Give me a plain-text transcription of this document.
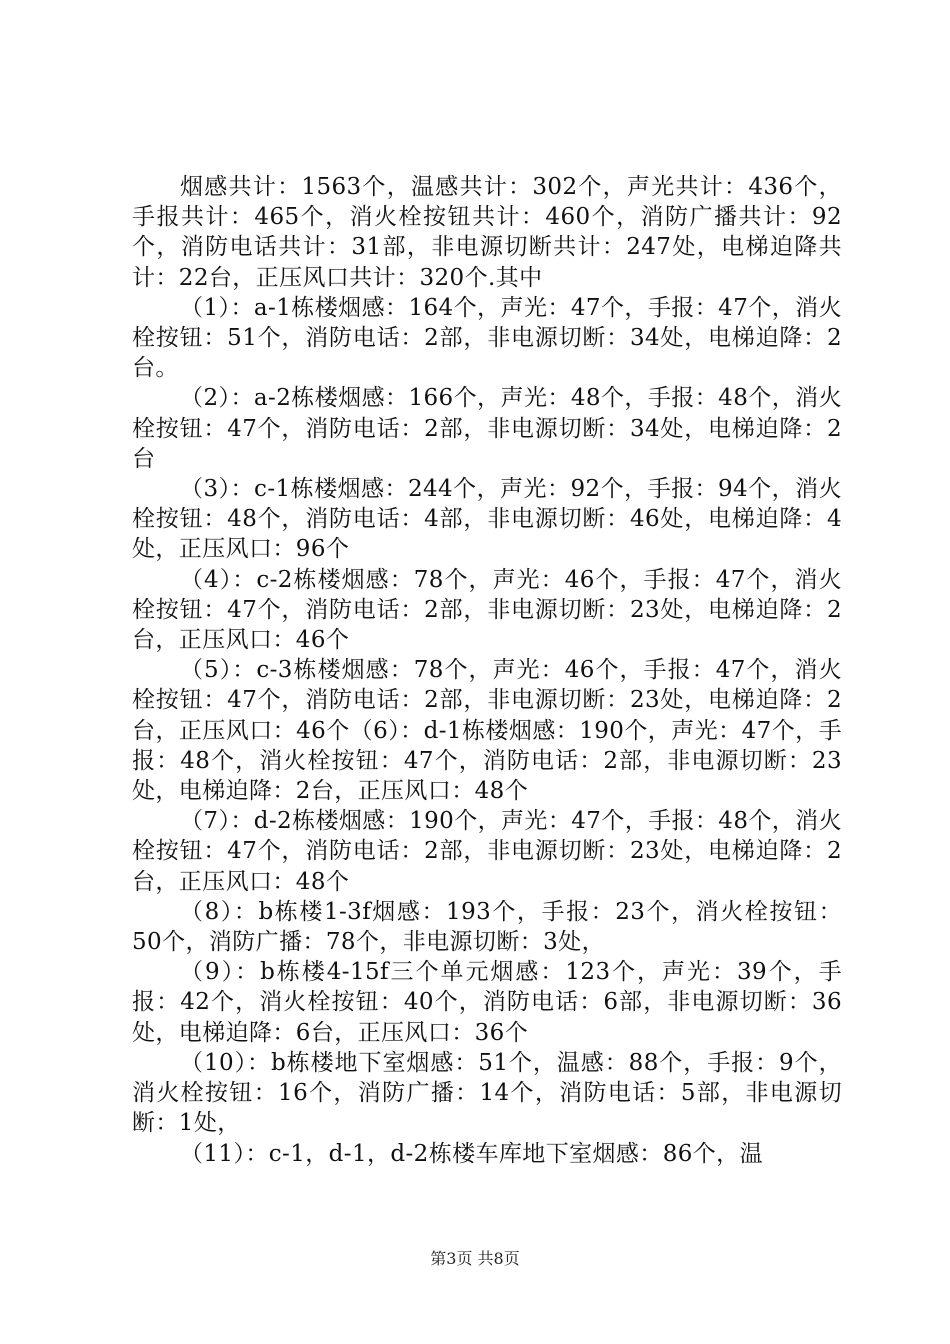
烟感共计：1563个，温感共计：302个，声光共计：436个，手报共计：465个，消火栓按钮共计：460个，消防广播共计：92个，消防电话共计：31部，非电源切断共计：247处，电梯迫降共计：22台，正压风口共计：320个.其中

（1）：a-1栋楼烟感：164个，声光：47个，手报：47个，消火栓按钮：51个，消防电话：2部，非电源切断：34处，电梯迫降：2台。

（2）：a-2栋楼烟感：166个，声光：48个，手报：48个，消火栓按钮：47个，消防电话：2部，非电源切断：34处，电梯迫降：2台

（3）：c-1栋楼烟感：244个，声光：92个，手报：94个，消火栓按钮：48个，消防电话：4部，非电源切断：46处，电梯迫降：4处，正压风口：96个

（4）：c-2栋楼烟感：78个，声光：46个，手报：47个，消火栓按钮：47个，消防电话：2部，非电源切断：23处，电梯迫降：2台，正压风口：46个

（5）：c-3栋楼烟感：78个，声光：46个，手报：47个，消火栓按钮：47个，消防电话：2部，非电源切断：23处，电梯迫降：2台，正压风口：46个（6）：d-1栋楼烟感：190个，声光：47个，手报：48个，消火栓按钮：47个，消防电话：2部，非电源切断：23处，电梯迫降：2台，正压风口：48个

（7）：d-2栋楼烟感：190个，声光：47个，手报：48个，消火栓按钮：47个，消防电话：2部，非电源切断：23处，电梯迫降：2台，正压风口：48个

（8）：b栋楼1-3f烟感：193个，手报：23个，消火栓按钮：50个，消防广播：78个，非电源切断：3处，

（9）：b栋楼4-15f三个单元烟感：123个，声光：39个，手报：42个，消火栓按钮：40个，消防电话：6部，非电源切断：36处，电梯迫降：6台，正压风口：36个

（10）：b栋楼地下室烟感：51个，温感：88个，手报：9个，消火栓按钮：16个，消防广播：14个，消防电话：5部，非电源切断：1处，

（11）：c-1，d-1，d-2栋楼车库地下室烟感：86个，温

第3页 共8页
